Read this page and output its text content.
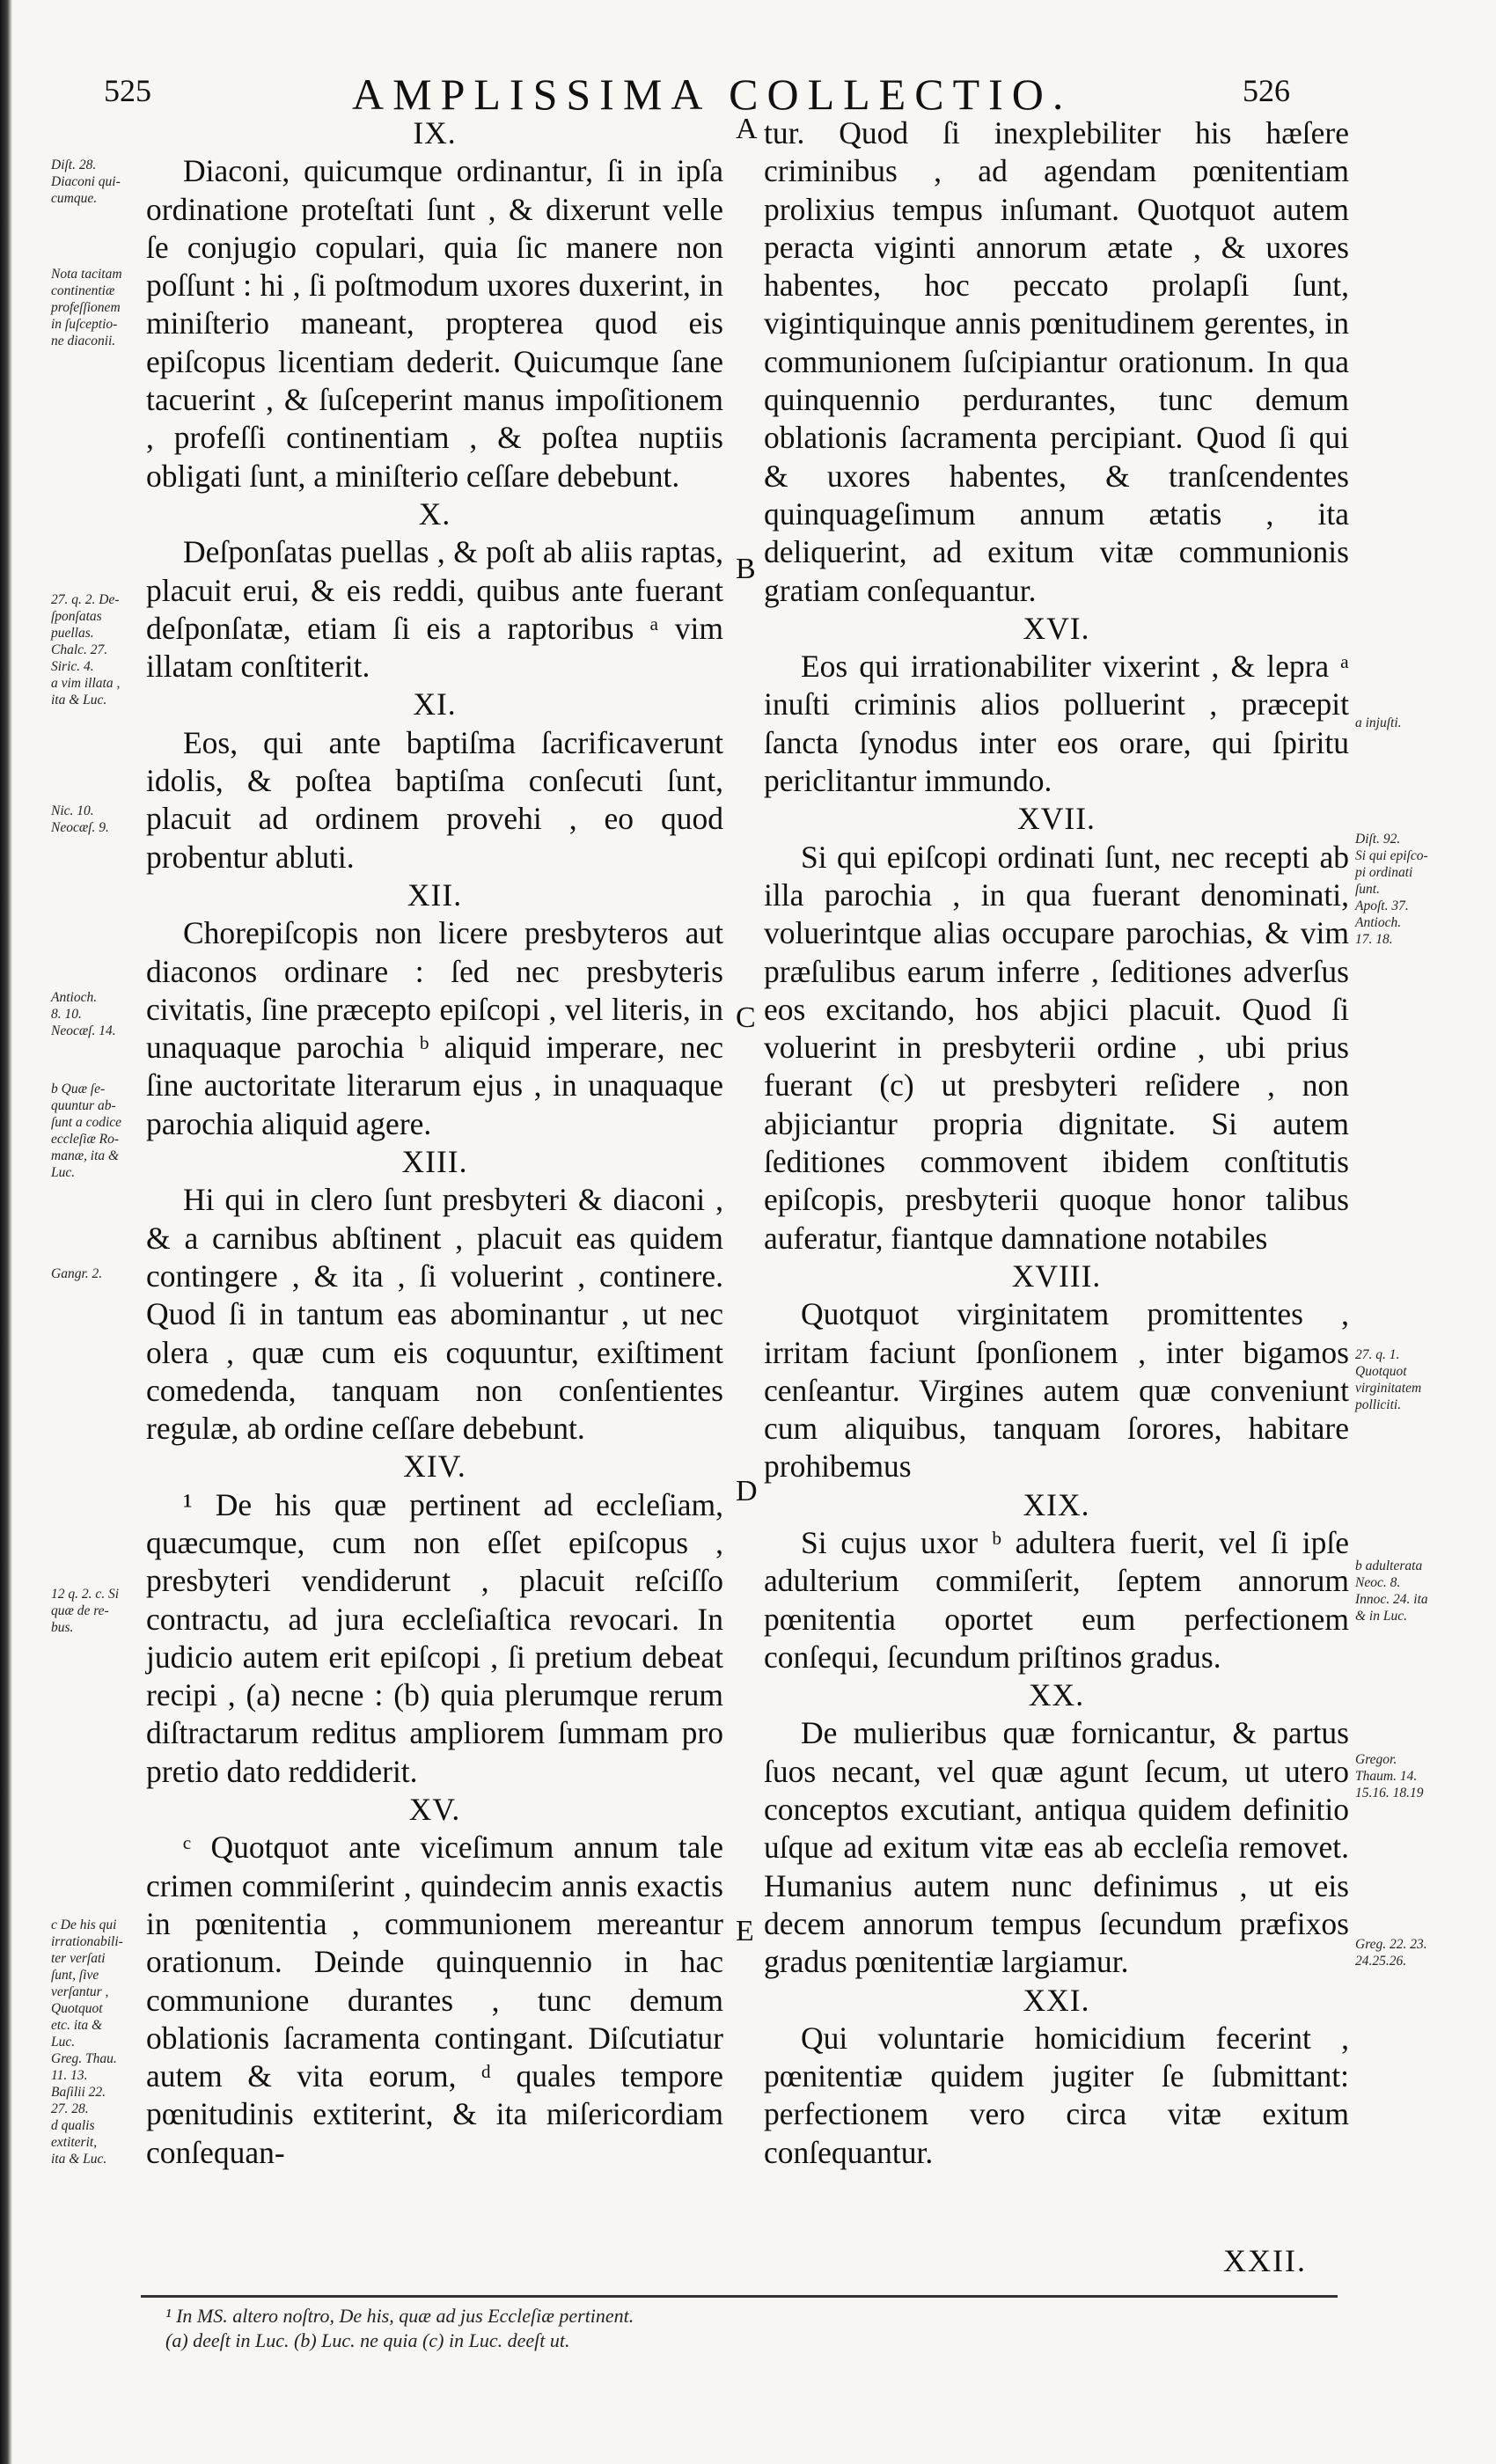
525	AMPLISSIMA COLLECTIO.	526
IX.

Diaconi, quicumque ordinantur, ſi in ipſa ordinatione proteſtati ſunt , & dixerunt velle ſe conjugio copulari, quia ſic manere non poſſunt : hi , ſi poſtmodum uxores duxerint, in miniſterio maneant, propterea quod eis epiſcopus licentiam dederit. Quicumque ſane tacuerint , & ſuſceperint manus impoſitionem , profeſſi continentiam , & poſtea nuptiis obligati ſunt, a miniſterio ceſſare debebunt.

X.

Deſponſatas puellas , & poſt ab aliis raptas, placuit erui, & eis reddi, quibus ante fuerant deſponſatæ, etiam ſi eis a raptoribus ᵃ vim illatam conſtiterit.

XI.

Eos, qui ante baptiſma ſacrificaverunt idolis, & poſtea baptiſma conſecuti ſunt, placuit ad ordinem provehi , eo quod probentur abluti.

XII.

Chorepiſcopis non licere presbyteros aut diaconos ordinare : ſed nec presbyteris civitatis, ſine præcepto epiſcopi , vel literis, in unaquaque parochia ᵇ aliquid imperare, nec ſine auctoritate literarum ejus , in unaquaque parochia aliquid agere.

XIII.

Hi qui in clero ſunt presbyteri & diaconi , & a carnibus abſtinent , placuit eas quidem contingere , & ita , ſi voluerint , continere. Quod ſi in tantum eas abominantur , ut nec olera , quæ cum eis coquuntur, exiſtiment comedenda, tanquam non conſentientes regulæ, ab ordine ceſſare debebunt.

XIV.

¹ De his quæ pertinent ad eccleſiam, quæcumque, cum non eſſet epiſcopus , presbyteri vendiderunt , placuit reſciſſo contractu, ad jura eccleſiaſtica revocari. In judicio autem erit epiſcopi , ſi pretium debeat recipi , (a) necne : (b) quia plerumque rerum diſtractarum reditus ampliorem ſummam pro pretio dato reddiderit.

XV.

ᶜ Quotquot ante viceſimum annum tale crimen commiſerint , quindecim annis exactis in pœnitentia , communionem mereantur orationum. Deinde quinquennio in hac communione durantes , tunc demum oblationis ſacramenta contingant. Diſcutiatur autem & vita eorum, ᵈ quales tempore pœnitudinis extiterint, & ita miſericordiam conſequan-

tur. Quod ſi inexplebiliter his hæſere criminibus , ad agendam pœnitentiam prolixius tempus inſumant. Quotquot autem peracta viginti annorum ætate , & uxores habentes, hoc peccato prolapſi ſunt, vigintiquinque annis pœnitudinem gerentes, in communionem ſuſcipiantur orationum. In qua quinquennio perdurantes, tunc demum oblationis ſacramenta percipiant. Quod ſi qui & uxores habentes, & tranſcendentes quinquageſimum annum ætatis , ita deliquerint, ad exitum vitæ communionis gratiam conſequantur.

XVI.

Eos qui irrationabiliter vixerint , & lepra ᵃ inuſti criminis alios polluerint , præcepit ſancta ſynodus inter eos orare, qui ſpiritu periclitantur immundo.

XVII.

Si qui epiſcopi ordinati ſunt, nec recepti ab illa parochia , in qua fuerant denominati, voluerintque alias occupare parochias, & vim præſulibus earum inferre , ſeditiones adverſus eos excitando, hos abjici placuit. Quod ſi voluerint in presbyterii ordine , ubi prius fuerant (c) ut presbyteri reſidere , non abjiciantur propria dignitate. Si autem ſeditiones commovent ibidem conſtitutis epiſcopis, presbyterii quoque honor talibus auferatur, fiantque damnatione notabiles

XVIII.

Quotquot virginitatem promittentes , irritam faciunt ſponſionem , inter bigamos cenſeantur. Virgines autem quæ conveniunt cum aliquibus, tanquam ſorores, habitare prohibemus

XIX.

Si cujus uxor ᵇ adultera fuerit, vel ſi ipſe adulterium commiſerit, ſeptem annorum pœnitentia oportet eum perfectionem conſequi, ſecundum priſtinos gradus.

XX.

De mulieribus quæ fornicantur, & partus ſuos necant, vel quæ agunt ſecum, ut utero conceptos excutiant, antiqua quidem definitio uſque ad exitum vitæ eas ab eccleſia removet. Humanius autem nunc definimus , ut eis decem annorum tempus ſecundum præfixos gradus pœnitentiæ largiamur.

XXI.

Qui voluntarie homicidium fecerint , pœnitentiæ quidem jugiter ſe ſubmittant: perfectionem vero circa vitæ exitum conſequantur.

Diſt. 28.
Diaconi qui-
cumque.
Nota tacitam
continentiæ
profeſſionem
in ſuſceptio-
ne diaconii.
27. q. 2. De-
ſponſatas
puellas.
Chalc. 27.
Siric. 4.
a vim illata ,
ita & Luc.
Nic. 10.
Neocæſ. 9.
Antioch.
8. 10.
Neocæſ. 14.
b Quæ ſe-
quuntur ab-
ſunt a codice
eccleſiæ Ro-
manæ, ita &
Luc.
Gangr. 2.
12 q. 2. c. Si
quæ de re-
bus.
c De his qui
irrationabili-
ter verſati
ſunt, ſive
verſantur ,
Quotquot
etc. ita &
Luc.
Greg. Thau.
11. 13.
Baſilii 22.
27. 28.
d qualis
extiterit,
ita & Luc.
a injuſti.
Diſt. 92.
Si qui epiſco-
pi ordinati
ſunt.
Apoſt. 37.
Antioch.
17. 18.
27. q. 1.
Quotquot
virginitatem
polliciti.
b adulterata
Neoc. 8.
Innoc. 24. ita
& in Luc.
Gregor.
Thaum. 14.
15.16. 18.19
Greg. 22. 23.
24.25.26.
A
B
C
D
E
XXII.
¹ In MS. altero noſtro, De his, quæ ad jus Eccleſiæ pertinent.
(a) deeſt in Luc. (b) Luc. ne quia (c) in Luc. deeſt ut.
